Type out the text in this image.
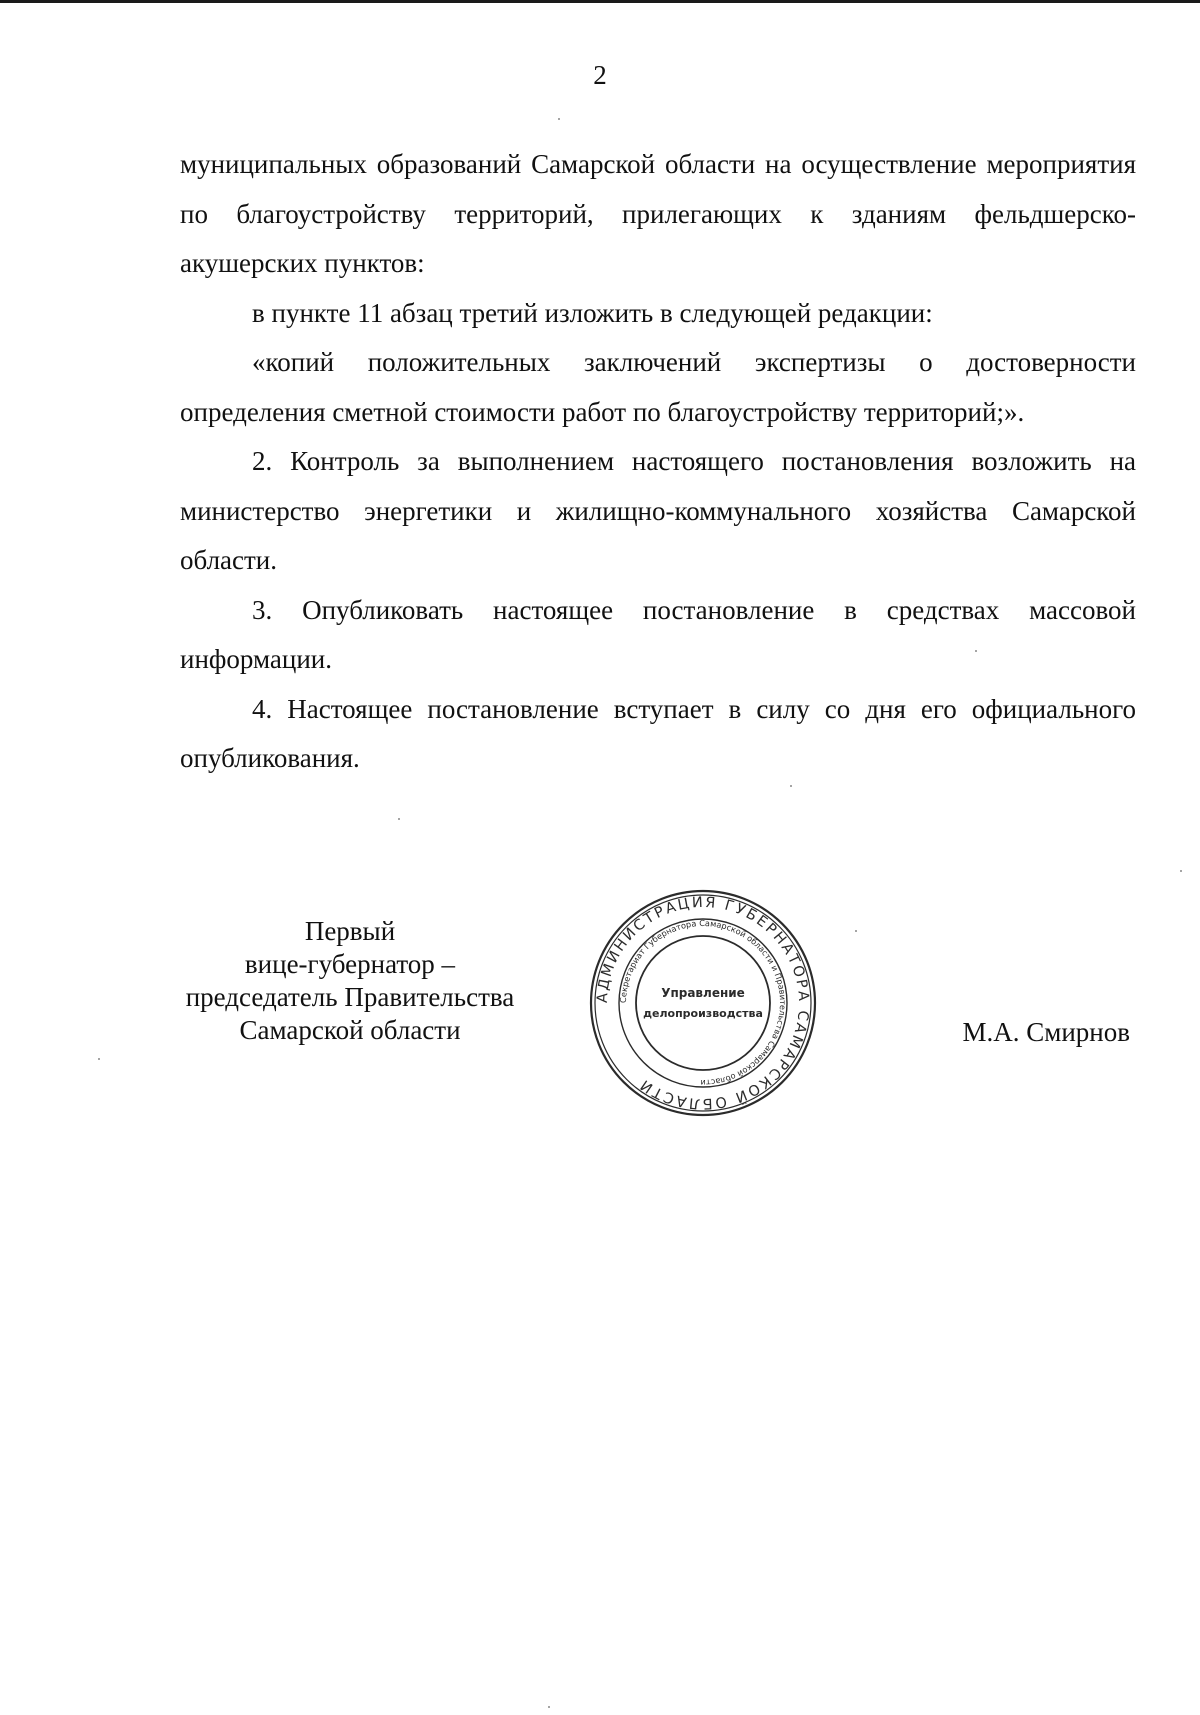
2

муниципальных образований Самарской области на осуществление мероприятия по благоустройству территорий, прилегающих к зданиям фельдшерско-акушерских пунктов:

в пункте 11 абзац третий изложить в следующей редакции:

«копий положительных заключений экспертизы о достоверности определения сметной стоимости работ по благоустройству территорий;».

2. Контроль за выполнением настоящего постановления возложить на министерство энергетики и жилищно-коммунального хозяйства Самарской области.

3. Опубликовать настоящее постановление в средствах массовой информации.

4. Настоящее постановление вступает в силу со дня его официального опубликования.

Первый
вице-губернатор –
председатель Правительства
Самарской области
АДМИНИСТРАЦИЯ ГУБЕРНАТОРА САМАРСКОЙ ОБЛАСТИ
Секретариат Губернатора Самарской области и Правительства Самарской области
Управление
делопроизводства
М.А. Смирнов
